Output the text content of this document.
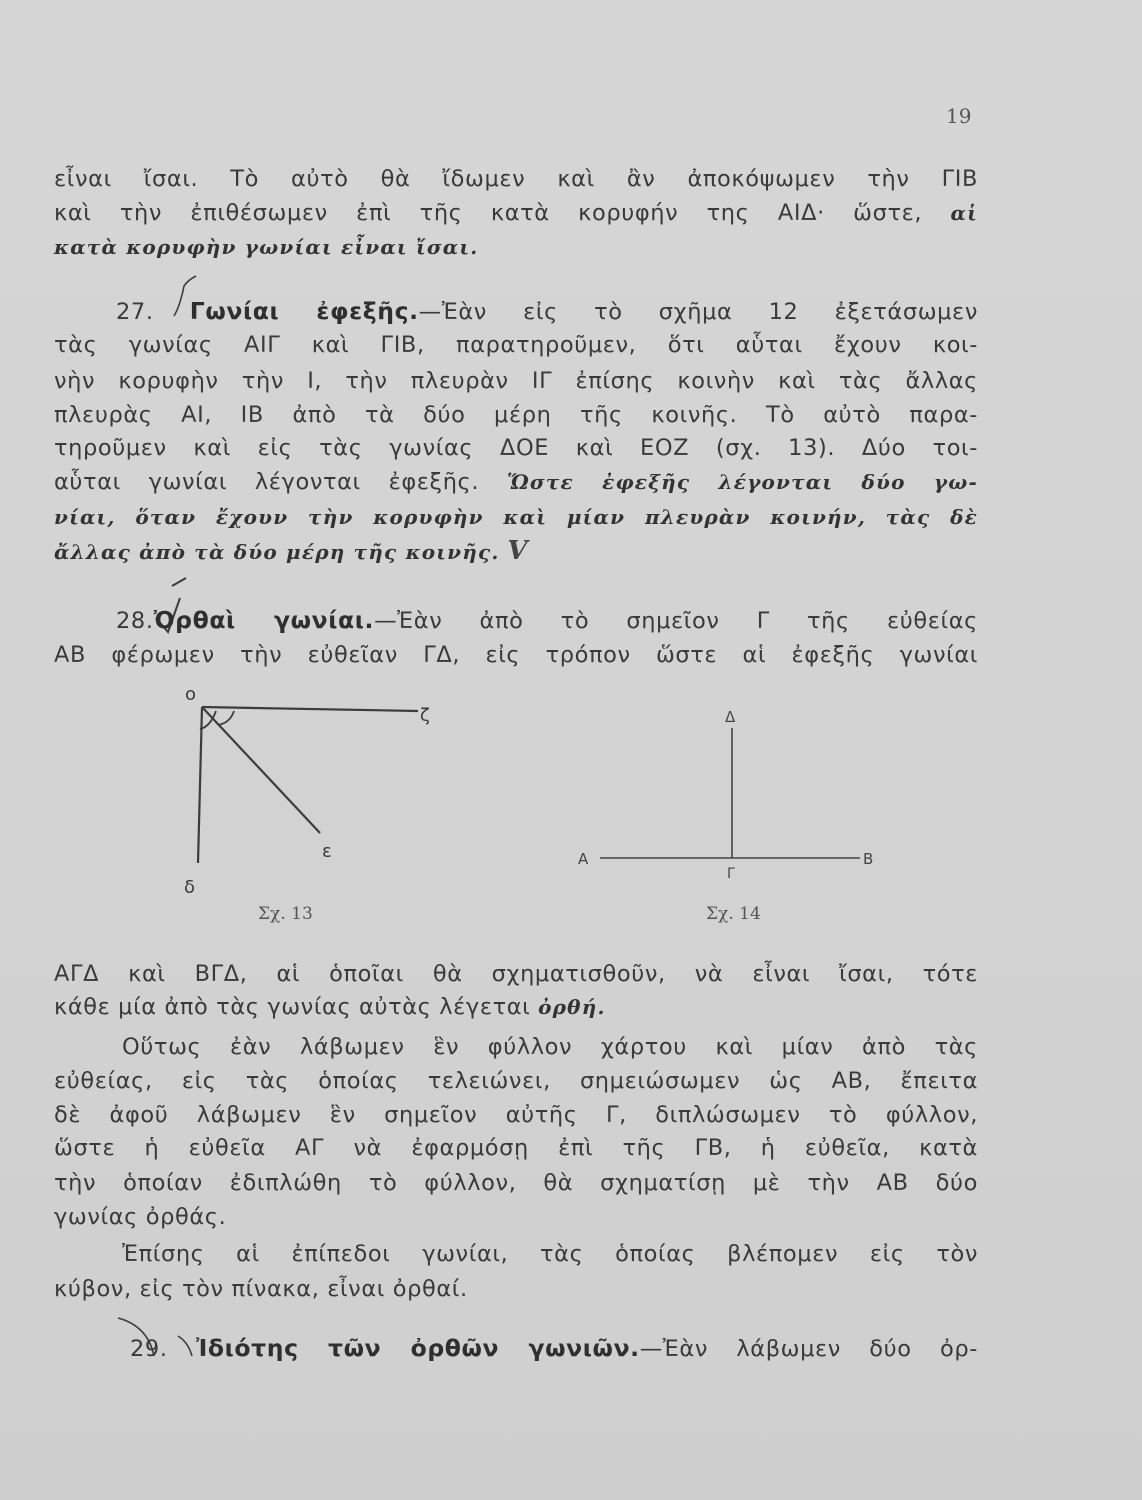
19
εἶναι ἴσαι. Τὸ αὐτὸ θὰ ἴδωμεν καὶ ἂν ἀποκόψωμεν τὴν ΓΙΒ
καὶ τὴν ἐπιθέσωμεν ἐπὶ τῆς κατὰ κορυφήν της ΑΙΔ· ὥστε, αἱ
κατὰ κορυφὴν γωνίαι εἶναι ἴσαι.
27. Γωνίαι ἐφεξῆς.—Ἐὰν εἰς τὸ σχῆμα 12 ἐξετάσωμεν
τὰς γωνίας ΑΙΓ καὶ ΓΙΒ, παρατηροῦμεν, ὅτι αὗται ἔχουν κοι-
νὴν κορυφὴν τὴν Ι, τὴν πλευρὰν ΙΓ ἐπίσης κοινὴν καὶ τὰς ἄλλας
πλευρὰς ΑΙ, ΙΒ ἀπὸ τὰ δύο μέρη τῆς κοινῆς. Τὸ αὐτὸ παρα-
τηροῦμεν καὶ εἰς τὰς γωνίας ΔΟΕ καὶ ΕΟΖ (σχ. 13). Δύο τοι-
αὗται γωνίαι λέγονται ἐφεξῆς. Ὥστε ἐφεξῆς λέγονται δύο γω-
νίαι, ὅταν ἔχουν τὴν κορυφὴν καὶ μίαν πλευρὰν κοινήν, τὰς δὲ
ἄλλας ἀπὸ τὰ δύο μέρη τῆς κοινῆς. V
28.Ὀρθαὶ γωνίαι.—Ἐὰν ἀπὸ τὸ σημεῖον Γ τῆς εὐθείας
ΑΒ φέρωμεν τὴν εὐθεῖαν ΓΔ, εἰς τρόπον ὥστε αἱ ἐφεξῆς γωνίαι
ο
ζ
ε
δ
Σχ. 13
Δ
Α	Β
Γ
Σχ. 14
ΑΓΔ καὶ ΒΓΔ, αἱ ὁποῖαι θὰ σχηματισθοῦν, νὰ εἶναι ἴσαι, τότε
κάθε μία ἀπὸ τὰς γωνίας αὐτὰς λέγεται ὀρθή.
Οὕτως ἐὰν λάβωμεν ἓν φύλλον χάρτου καὶ μίαν ἀπὸ τὰς
εὐθείας, εἰς τὰς ὁποίας τελειώνει, σημειώσωμεν ὡς ΑΒ, ἔπειτα
δὲ ἀφοῦ λάβωμεν ἓν σημεῖον αὐτῆς Γ, διπλώσωμεν τὸ φύλλον,
ὥστε ἡ εὐθεῖα ΑΓ νὰ ἐφαρμόσῃ ἐπὶ τῆς ΓΒ, ἡ εὐθεῖα, κατὰ
τὴν ὁποίαν ἐδιπλώθη τὸ φύλλον, θὰ σχηματίσῃ μὲ τὴν ΑΒ δύο
γωνίας ὀρθάς.
Ἐπίσης αἱ ἐπίπεδοι γωνίαι, τὰς ὁποίας βλέπομεν εἰς τὸν
κύβον, εἰς τὸν πίνακα, εἶναι ὀρθαί.
29. Ἰδιότης τῶν ὀρθῶν γωνιῶν.—Ἐὰν λάβωμεν δύο ὀρ-
